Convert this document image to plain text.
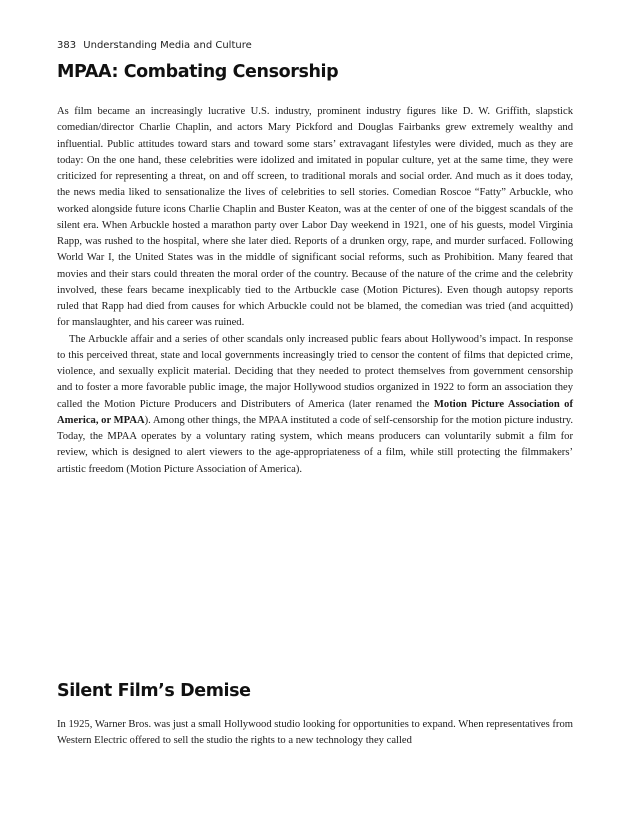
383 Understanding Media and Culture
MPAA: Combating Censorship

As film became an increasingly lucrative U.S. industry, prominent industry figures like D. W. Griffith, slapstick comedian/director Charlie Chaplin, and actors Mary Pickford and Douglas Fairbanks grew extremely wealthy and influential. Public attitudes toward stars and toward some stars’ extravagant lifestyles were divided, much as they are today: On the one hand, these celebrities were idolized and imitated in popular culture, yet at the same time, they were criticized for representing a threat, on and off screen, to traditional morals and social order. And much as it does today, the news media liked to sensationalize the lives of celebrities to sell stories. Comedian Roscoe “Fatty” Arbuckle, who worked alongside future icons Charlie Chaplin and Buster Keaton, was at the center of one of the biggest scandals of the silent era. When Arbuckle hosted a marathon party over Labor Day weekend in 1921, one of his guests, model Virginia Rapp, was rushed to the hospital, where she later died. Reports of a drunken orgy, rape, and murder surfaced. Following World War I, the United States was in the middle of significant social reforms, such as Prohibition. Many feared that movies and their stars could threaten the moral order of the country. Because of the nature of the crime and the celebrity involved, these fears became inexplicably tied to the Artbuckle case (Motion Pictures). Even though autopsy reports ruled that Rapp had died from causes for which Arbuckle could not be blamed, the comedian was tried (and acquitted) for manslaughter, and his career was ruined.

The Arbuckle affair and a series of other scandals only increased public fears about Hollywood’s impact. In response to this perceived threat, state and local governments increasingly tried to censor the content of films that depicted crime, violence, and sexually explicit material. Deciding that they needed to protect themselves from government censorship and to foster a more favorable public image, the major Hollywood studios organized in 1922 to form an association they called the Motion Picture Producers and Distributers of America (later renamed the Motion Picture Association of America, or MPAA). Among other things, the MPAA instituted a code of self-censorship for the motion picture industry. Today, the MPAA operates by a voluntary rating system, which means producers can voluntarily submit a film for review, which is designed to alert viewers to the age-appropriateness of a film, while still protecting the filmmakers’ artistic freedom (Motion Picture Association of America).

Silent Film’s Demise

In 1925, Warner Bros. was just a small Hollywood studio looking for opportunities to expand. When representatives from Western Electric offered to sell the studio the rights to a new technology they called
